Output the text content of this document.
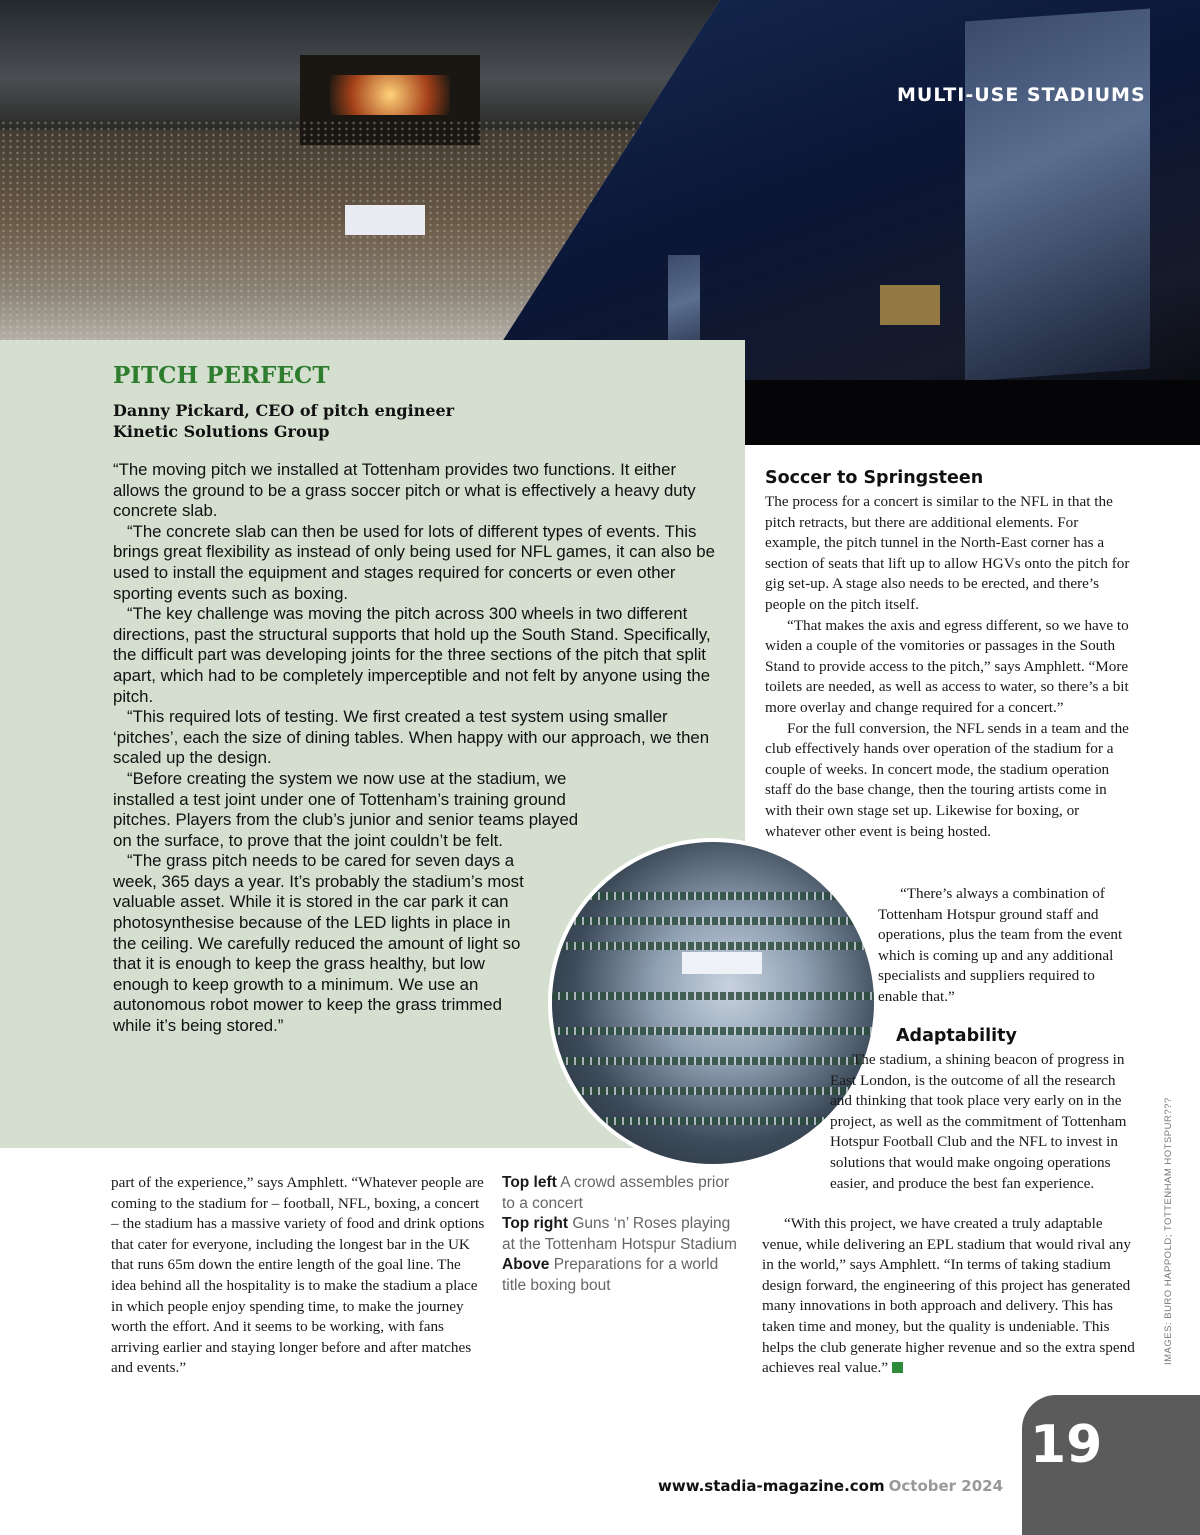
MULTI-USE STADIUMS
PITCH PERFECT
Danny Pickard, CEO of pitch engineer
Kinetic Solutions Group

“The moving pitch we installed at Tottenham provides two functions. It either allows the ground to be a grass soccer pitch or what is effectively a heavy duty concrete slab.

“The concrete slab can then be used for lots of different types of events. This brings great flexibility as instead of only being used for NFL games, it can also be used to install the equipment and stages required for concerts or even other sporting events such as boxing.

“The key challenge was moving the pitch across 300 wheels in two different directions, past the structural supports that hold up the South Stand. Specifically, the difficult part was developing joints for the three sections of the pitch that split apart, which had to be completely imperceptible and not felt by anyone using the pitch.

“This required lots of testing. We first created a test system using smaller ‘pitches’, each the size of dining tables. When happy with our approach, we then scaled up the design.

“Before creating the system we now use at the stadium, we installed a test joint under one of Tottenham’s training ground pitches. Players from the club’s junior and senior teams played on the surface, to prove that the joint couldn’t be felt.

“The grass pitch needs to be cared for seven days a week, 365 days a year. It’s probably the stadium’s most valuable asset. While it is stored in the car park it can photosynthesise because of the LED lights in place in the ceiling. We carefully reduced the amount of light so that it is enough to keep the grass healthy, but low enough to keep growth to a minimum. We use an autonomous robot mower to keep the grass trimmed while it’s being stored.”

Soccer to Springsteen

The process for a concert is similar to the NFL in that the pitch retracts, but there are additional elements. For example, the pitch tunnel in the North-East corner has a section of seats that lift up to allow HGVs onto the pitch for gig set-up. A stage also needs to be erected, and there’s people on the pitch itself.

“That makes the axis and egress different, so we have to widen a couple of the vomitories or passages in the South Stand to provide access to the pitch,” says Amphlett. “More toilets are needed, as well as access to water, so there’s a bit more overlay and change required for a concert.”

For the full conversion, the NFL sends in a team and the club effectively hands over operation of the stadium for a couple of weeks. In concert mode, the stadium operation staff do the base change, then the touring artists come in with their own stage set up. Likewise for boxing, or whatever other event is being hosted.

“There’s always a combination of Tottenham Hotspur ground staff and operations, plus the team from the event which is coming up and any additional specialists and suppliers required to enable that.”

Adaptability

The stadium, a shining beacon of progress in East London, is the outcome of all the research and thinking that took place very early on in the project, as well as the commitment of Tottenham Hotspur Football Club and the NFL to invest in solutions that would make ongoing operations easier, and produce the best fan experience.

“With this project, we have created a truly adaptable venue, while delivering an EPL stadium that would rival any in the world,” says Amphlett. “In terms of taking stadium design forward, the engineering of this project has generated many innovations in both approach and delivery. This has taken time and money, but the quality is undeniable. This helps the club generate higher revenue and so the extra spend achieves real value.”

part of the experience,” says Amphlett. “Whatever people are coming to the stadium for – football, NFL, boxing, a concert – the stadium has a massive variety of food and drink options that cater for everyone, including the longest bar in the UK that runs 65m down the entire length of the goal line. The idea behind all the hospitality is to make the stadium a place in which people enjoy spending time, to make the journey worth the effort. And it seems to be working, with fans arriving earlier and staying longer before and after matches and events.”
Top left A crowd assembles prior to a concert
Top right Guns ‘n’ Roses playing at the Tottenham Hotspur Stadium
Above Preparations for a world title boxing bout	IMAGES: BURO HAPPOLD; TOTTENHAM HOTSPUR???
www.stadia-magazine.com October 2024
19
